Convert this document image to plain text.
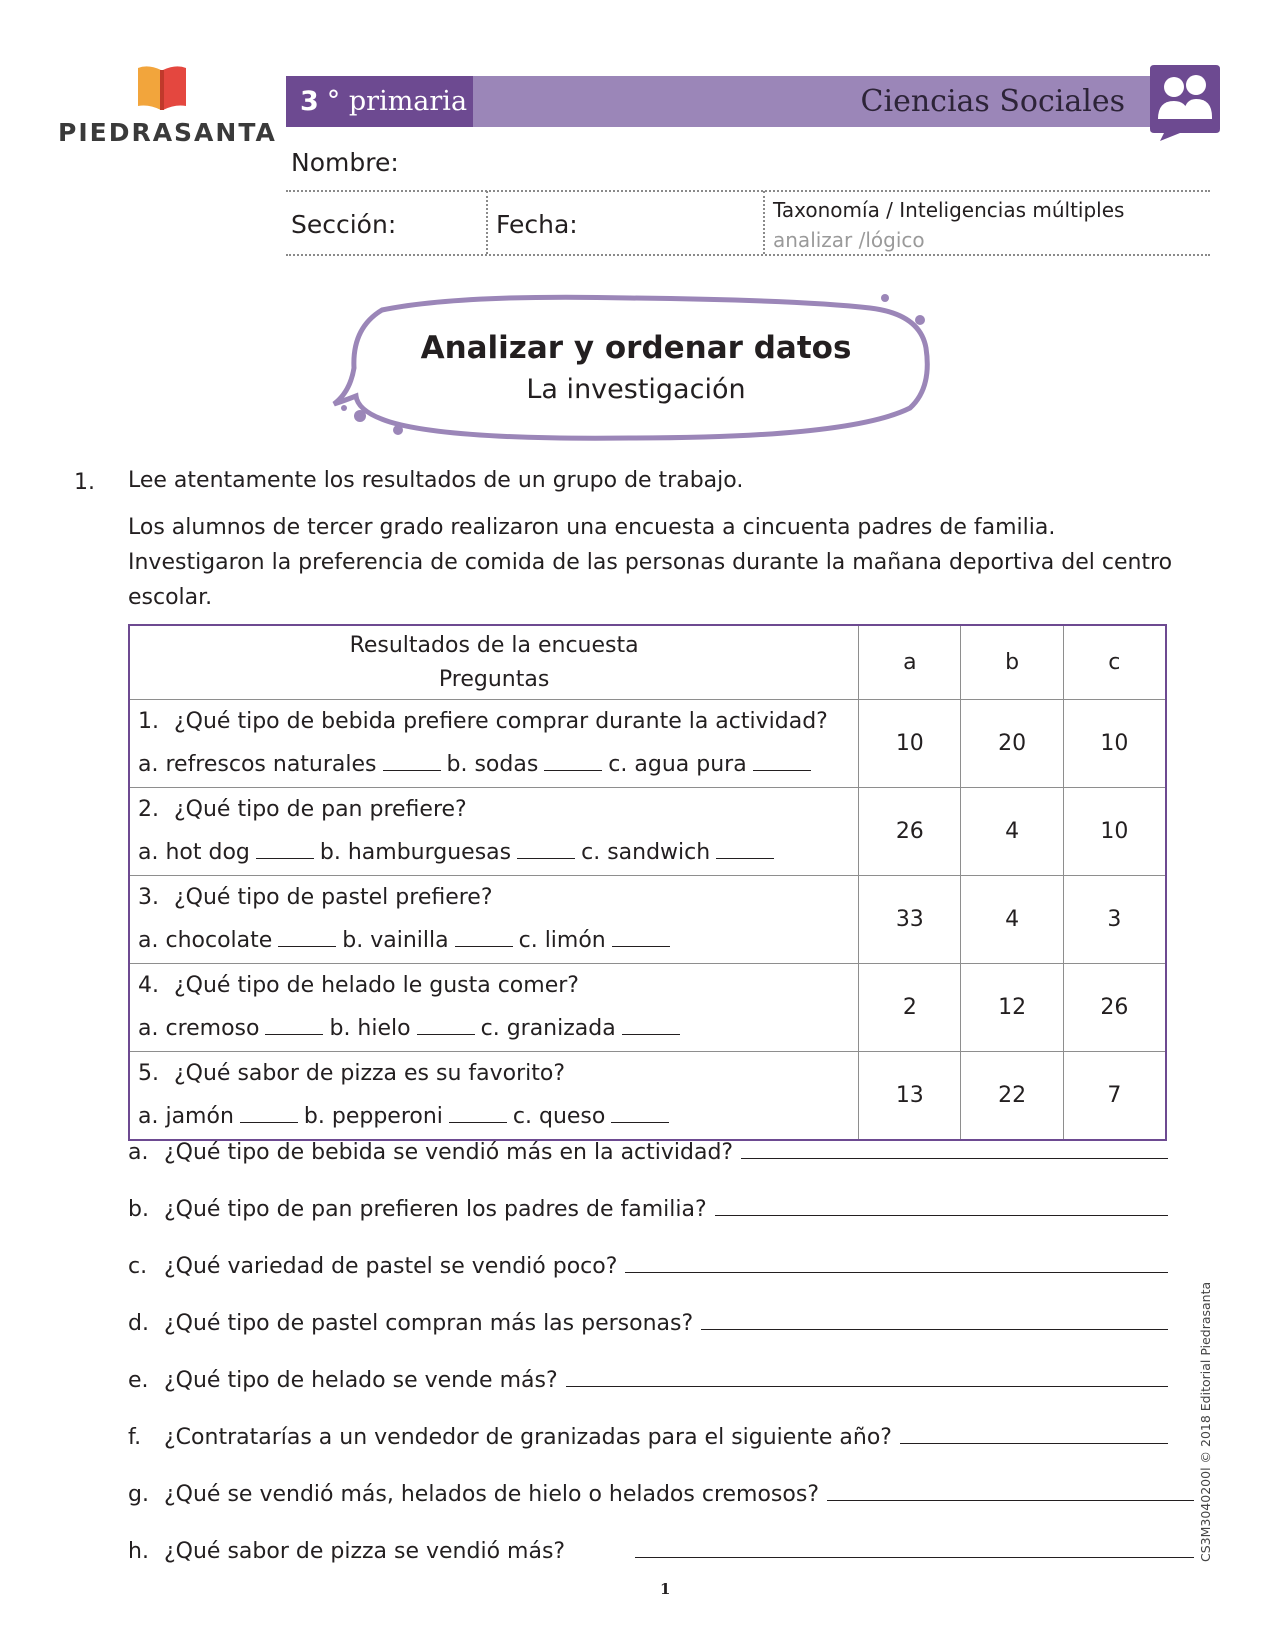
PIEDRASANTA
3 ° primaria	Ciencias Sociales
Nombre:
Sección:	Fecha:	Taxonomía / Inteligencias múltiples
analizar /lógico
Analizar y ordenar datos
La investigación
1. Lee atentamente los resultados de un grupo de trabajo.
Los alumnos de tercer grado realizaron una encuesta a cincuenta padres de familia. Investigaron la preferencia de comida de las personas durante la mañana deportiva del centro escolar.
Resultados de la encuesta
Preguntas	a	b	c

1. ¿Qué tipo de bebida prefiere comprar durante la actividad?
a. refrescos naturales b. sodas c. agua pura	10	20	10

2. ¿Qué tipo de pan prefiere?
a. hot dog b. hamburguesas c. sandwich	26	4	10

3. ¿Qué tipo de pastel prefiere?
a. chocolate b. vainilla c. limón	33	4	3

4. ¿Qué tipo de helado le gusta comer?
a. cremoso b. hielo c. granizada	2	12	26

5. ¿Qué sabor de pizza es su favorito?
a. jamón b. pepperoni c. queso	13	22	7
a. ¿Qué tipo de bebida se vendió más en la actividad?
b. ¿Qué tipo de pan prefieren los padres de familia?
c. ¿Qué variedad de pastel se vendió poco?
d. ¿Qué tipo de pastel compran más las personas?
e. ¿Qué tipo de helado se vende más?
f.	¿Contratarías a un vendedor de granizadas para el siguiente año?
g. ¿Qué se vendió más, helados de hielo o helados cremosos?
h. ¿Qué sabor de pizza se vendió más?	CS3M3040200l © 2018 Editorial Piedrasanta
1
